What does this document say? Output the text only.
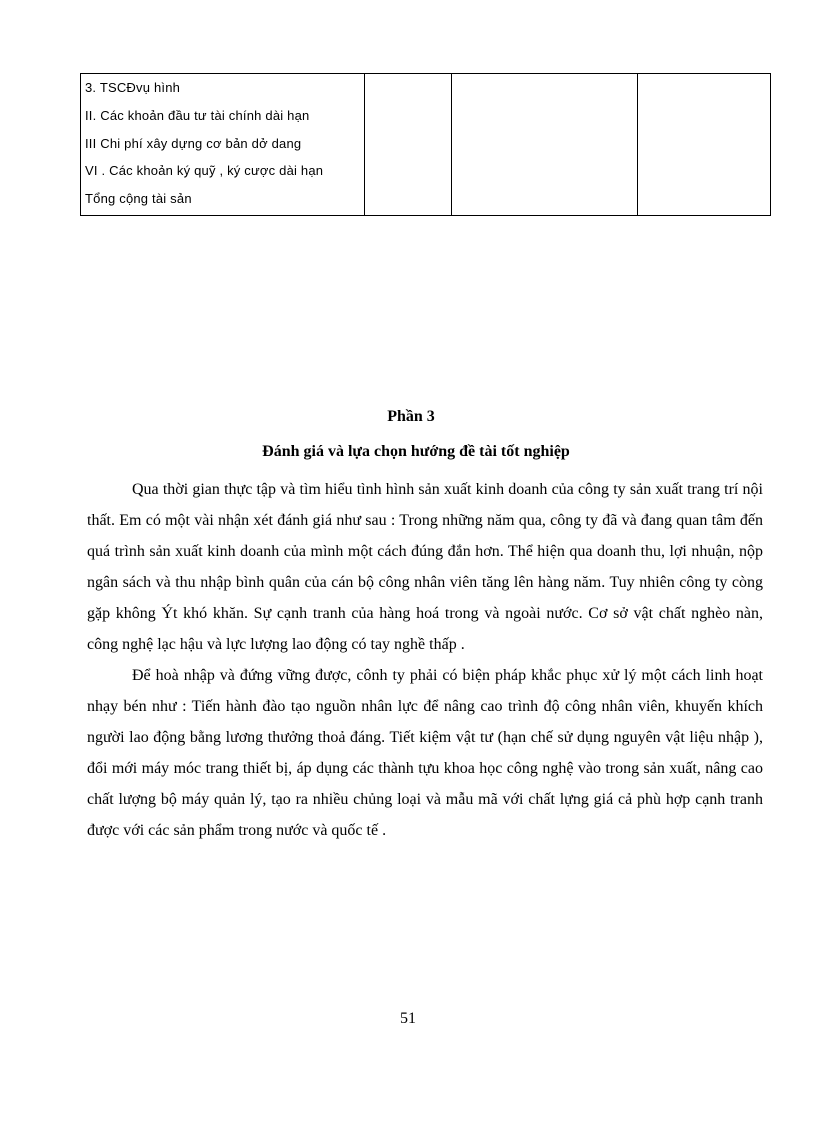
3. TSCĐvụ hình
II. Các khoản đầu tư tài chính dài hạn
III Chi phí xây dựng cơ bản dở dang
VI . Các khoản ký quỹ , ký cược dài hạn
Tổng cộng tài sản

Phần 3
Đánh giá và lựa chọn hướng đề tài tốt nghiệp

Qua thời gian thực tập và tìm hiểu tình hình sản xuất kinh doanh của công ty sản xuất trang trí nội thất. Em có một vài nhận xét đánh giá như sau : Trong những năm qua, công ty đã và đang quan tâm đến quá trình sản xuất kinh doanh của mình một cách đúng đắn hơn. Thể hiện qua doanh thu, lợi nhuận, nộp ngân sách và thu nhập bình quân của cán bộ công nhân viên tăng lên hàng năm. Tuy nhiên công ty còng gặp không Ýt khó khăn. Sự cạnh tranh của hàng hoá trong và ngoài nước. Cơ sở vật chất nghèo nàn, công nghệ lạc hậu và lực lượng lao động có tay nghề thấp .

Để hoà nhập và đứng vững được, cônh ty phải có biện pháp khắc phục xử lý một cách linh hoạt nhạy bén như : Tiến hành đào tạo nguồn nhân lực để nâng cao trình độ công nhân viên, khuyến khích người lao động bằng lương thưởng thoả đáng. Tiết kiệm vật tư (hạn chế sử dụng nguyên vật liệu nhập ), đổi mới máy móc trang thiết bị, áp dụng các thành tựu khoa học công nghệ vào trong sản xuất, nâng cao chất lượng bộ máy quản lý, tạo ra nhiều chủng loại và mẫu mã với chất lựng giá cả phù hợp cạnh tranh được với các sản phẩm trong nước và quốc tế .

51
